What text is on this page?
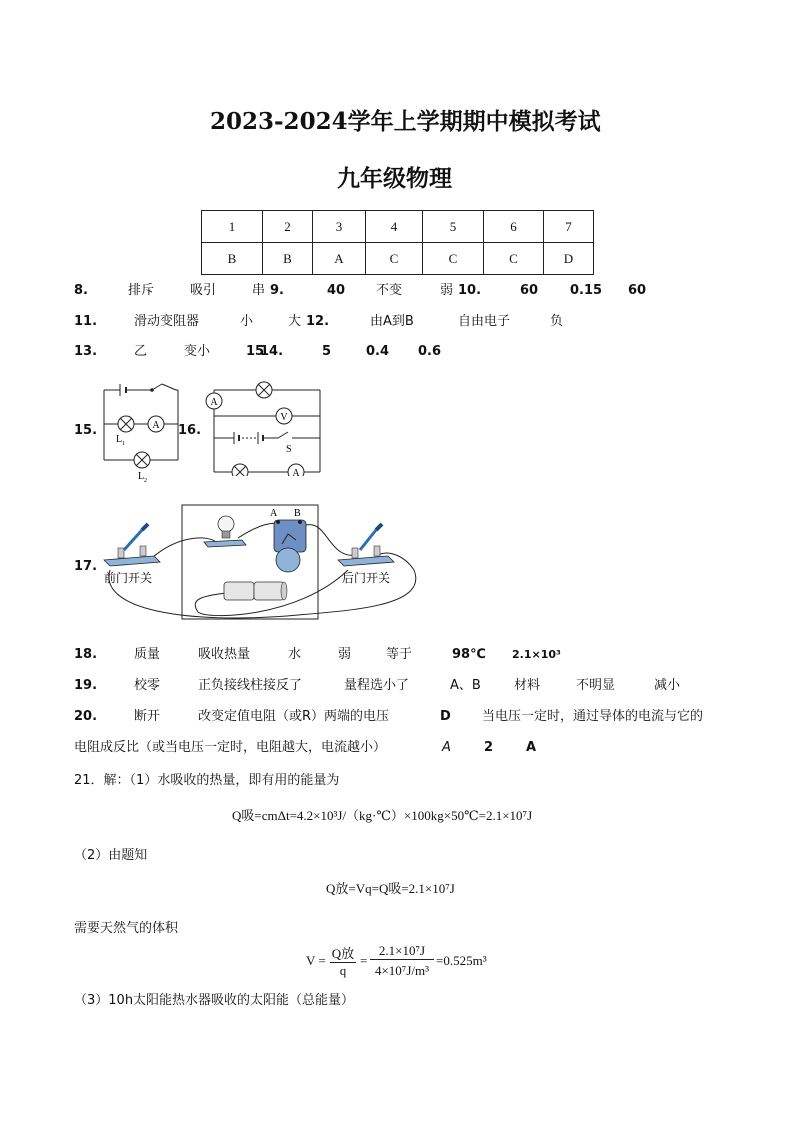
2023-2024学年上学期期中模拟考试
九年级物理
1	2	3	4	5	6	7
B	B	A	C	C	C	D
8.	排斥	吸引	串 9.	40 不变	弱 10.	60 0.15 60
11.	滑动变阻器	小	大 12.	由A到B	自由电子	负
13.	乙	变小	15
14.	5	0.4 0.6
15.	16.
A
L 1
L 2
A
V
S
A
17.
A B
前门开关	后门开关
18.	质量	吸收热量	水	弱	等于	98℃ 2.1×10³
19.	校零	正负接线柱接反了	量程选小了	A、B	材料	不明显	减小
20.	断开	改变定值电阻（或R）两端的电压	D 当电压一定时，通过导体的电流与它的
电阻成反比（或当电压一定时，电阻越大，电流越小）	A	2	A
21．解：（1）水吸收的热量，即有用的能量为
Q吸=cmΔt=4.2×10³J/（kg·℃）×100kg×50℃=2.1×10⁷J
（2）由题知
Q放=Vq=Q吸=2.1×10⁷J
需要天然气的体积
V = Q放
q
=
2.1×10⁷J
4×10⁷J/m³
=0.525m³
（3）10h太阳能热水器吸收的太阳能（总能量）
